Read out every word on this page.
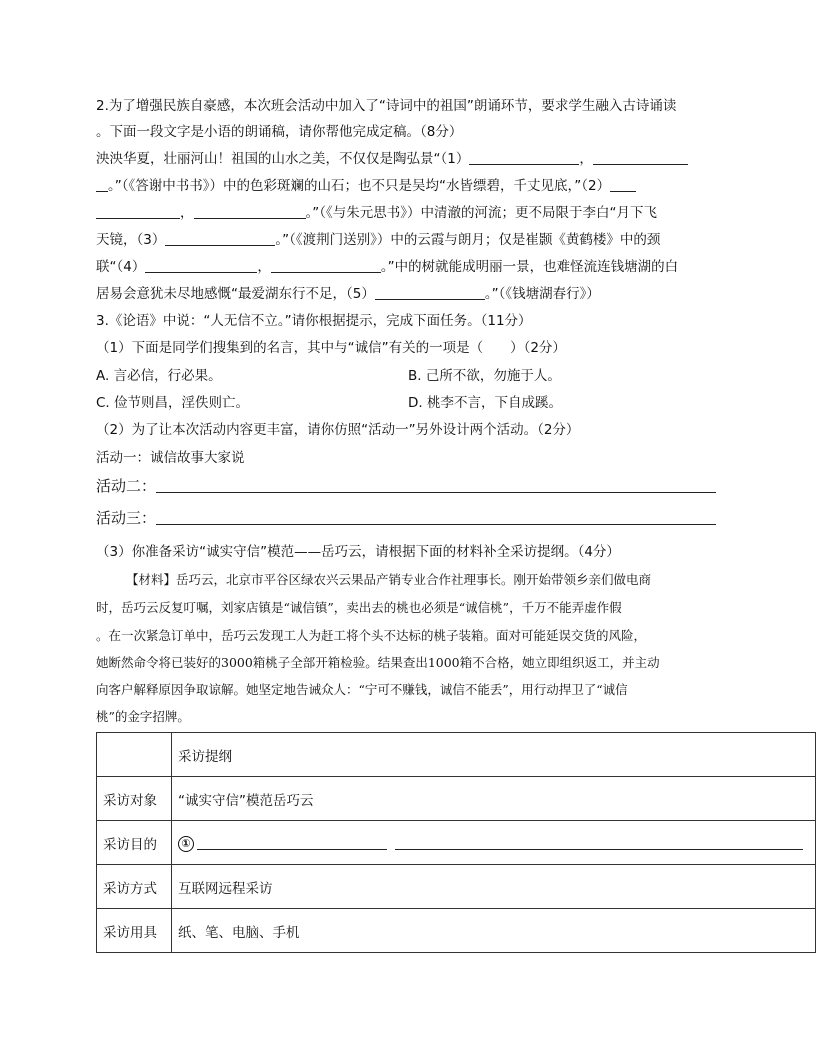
2.为了增强民族自豪感，本次班会活动中加入了“诗词中的祖国”朗诵环节，要求学生融入古诗诵读
。下面一段文字是小语的朗诵稿，请你帮他完成定稿。（8分）
泱泱华夏，壮丽河山！祖国的山水之美，不仅仅是陶弘景“（1）	，
。”（《答谢中书书》）中的色彩斑斓的山石；也不只是吴均“水皆缥碧，千丈见底，”（2）
，	。”（《与朱元思书》）中清澈的河流；更不局限于李白“月下飞
天镜，（3）	。”（《渡荆门送别》）中的云霞与朗月；仅是崔颢《黄鹤楼》中的颈
联“（4）	，	。”中的树就能成明丽一景，也难怪流连钱塘湖的白
居易会意犹未尽地感慨“最爱湖东行不足，（5）	。”（《钱塘湖春行》）
3.《论语》中说：“人无信不立。”请你根据提示，完成下面任务。（11分）
（1）下面是同学们搜集到的名言，其中与“诚信”有关的一项是（　　）（2分）
A. 言必信，行必果。	B. 己所不欲，勿施于人。
C. 俭节则昌，淫佚则亡。	D. 桃李不言，下自成蹊。
（2）为了让本次活动内容更丰富，请你仿照“活动一”另外设计两个活动。（2分）
活动一：诚信故事大家说
活动二：
活动三：
（3）你准备采访“诚实守信”模范——岳巧云，请根据下面的材料补全采访提纲。（4分）
【材料】岳巧云，北京市平谷区绿农兴云果品产销专业合作社理事长。刚开始带领乡亲们做电商
时，岳巧云反复叮嘱，刘家店镇是“诚信镇”，卖出去的桃也必须是“诚信桃”，千万不能弄虚作假
。在一次紧急订单中，岳巧云发现工人为赶工将个头不达标的桃子装箱。面对可能延误交货的风险，
她断然命令将已装好的3000箱桃子全部开箱检验。结果查出1000箱不合格，她立即组织返工，并主动
向客户解释原因争取谅解。她坚定地告诫众人：“宁可不赚钱，诚信不能丢”，用行动捍卫了“诚信
桃”的金字招牌。
	采访提纲
采访对象	“诚实守信”模范岳巧云
采访目的	①
采访方式	互联网远程采访
采访用具	纸、笔、电脑、手机
